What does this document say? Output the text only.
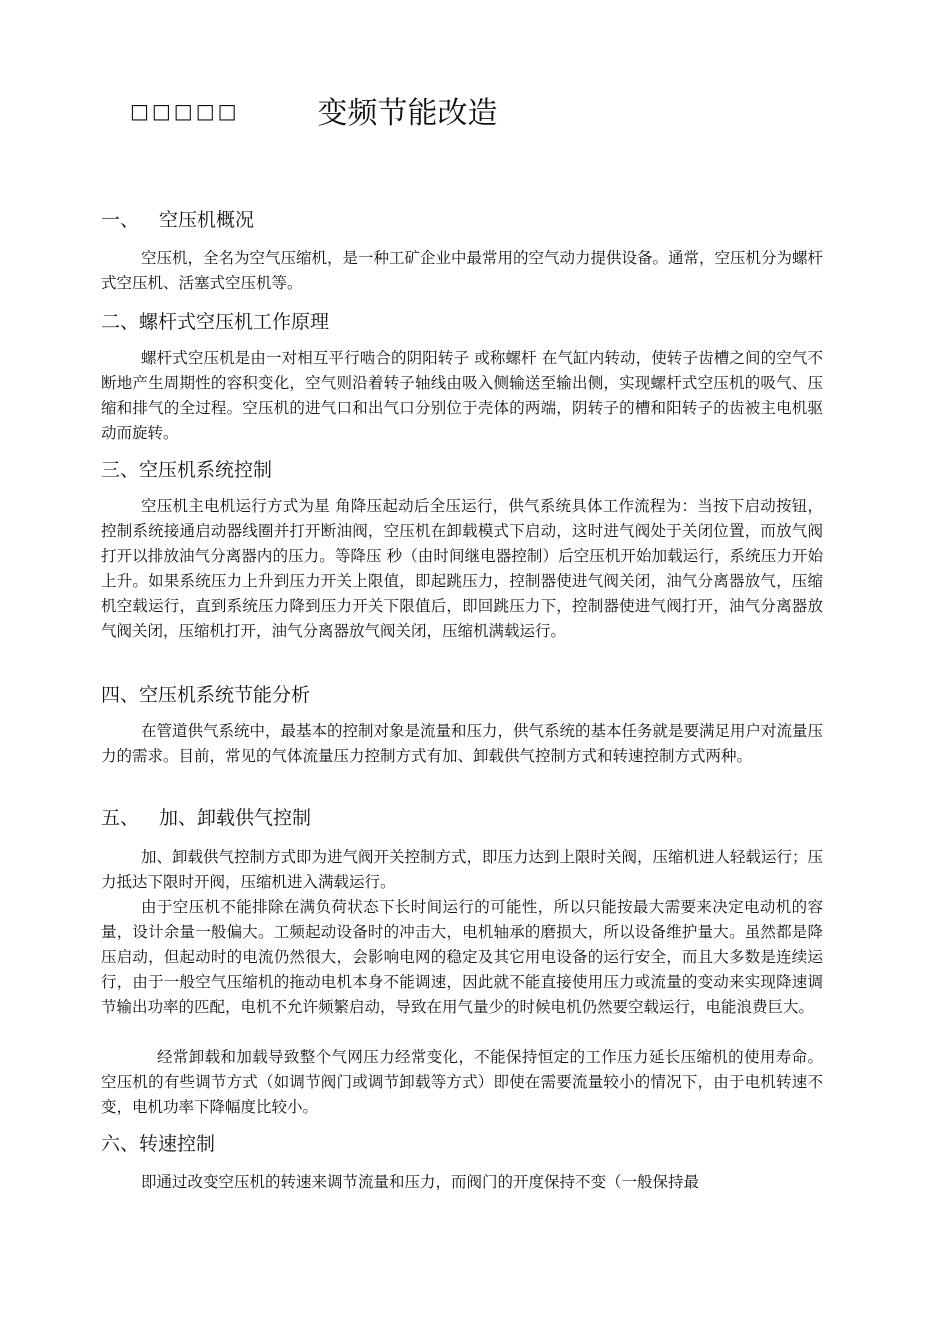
□□□□□	变频节能改造
一、 空压机概况

空压机，全名为空气压缩机，是一种工矿企业中最常用的空气动力提供设备。通常，空压机分为螺杆式空压机、活塞式空压机等。

二、螺杆式空压机工作原理

螺杆式空压机是由一对相互平行啮合的阴阳转子 或称螺杆 在气缸内转动，使转子齿槽之间的空气不断地产生周期性的容积变化，空气则沿着转子轴线由吸入侧输送至输出侧，实现螺杆式空压机的吸气、压缩和排气的全过程。空压机的进气口和出气口分别位于壳体的两端，阴转子的槽和阳转子的齿被主电机驱动而旋转。

三、空压机系统控制

空压机主电机运行方式为星 角降压起动后全压运行，供气系统具体工作流程为：当按下启动按钮，控制系统接通启动器线圈并打开断油阀，空压机在卸载模式下启动，这时进气阀处于关闭位置，而放气阀打开以排放油气分离器内的压力。等降压 秒（由时间继电器控制）后空压机开始加载运行，系统压力开始上升。如果系统压力上升到压力开关上限值，即起跳压力，控制器使进气阀关闭，油气分离器放气，压缩机空载运行，直到系统压力降到压力开关下限值后，即回跳压力下，控制器使进气阀打开，油气分离器放气阀关闭，压缩机打开，油气分离器放气阀关闭，压缩机满载运行。

四、空压机系统节能分析

在管道供气系统中，最基本的控制对象是流量和压力，供气系统的基本任务就是要满足用户对流量压力的需求。目前，常见的气体流量压力控制方式有加、卸载供气控制方式和转速控制方式两种。

五、 加、卸载供气控制

加、卸载供气控制方式即为进气阀开关控制方式，即压力达到上限时关阀，压缩机进人轻载运行；压力抵达下限时开阀，压缩机进入满载运行。

由于空压机不能排除在满负荷状态下长时间运行的可能性，所以只能按最大需要来决定电动机的容量，设计余量一般偏大。工频起动设备时的冲击大，电机轴承的磨损大，所以设备维护量大。虽然都是降压启动，但起动时的电流仍然很大，会影响电网的稳定及其它用电设备的运行安全，而且大多数是连续运行，由于一般空气压缩机的拖动电机本身不能调速，因此就不能直接使用压力或流量的变动来实现降速调节输出功率的匹配，电机不允许频繁启动，导致在用气量少的时候电机仍然要空载运行，电能浪费巨大。

经常卸载和加载导致整个气网压力经常变化，不能保持恒定的工作压力延长压缩机的使用寿命。空压机的有些调节方式（如调节阀门或调节卸载等方式）即使在需要流量较小的情况下，由于电机转速不变，电机功率下降幅度比较小。

六、转速控制

即通过改变空压机的转速来调节流量和压力，而阀门的开度保持不变（一般保持最
